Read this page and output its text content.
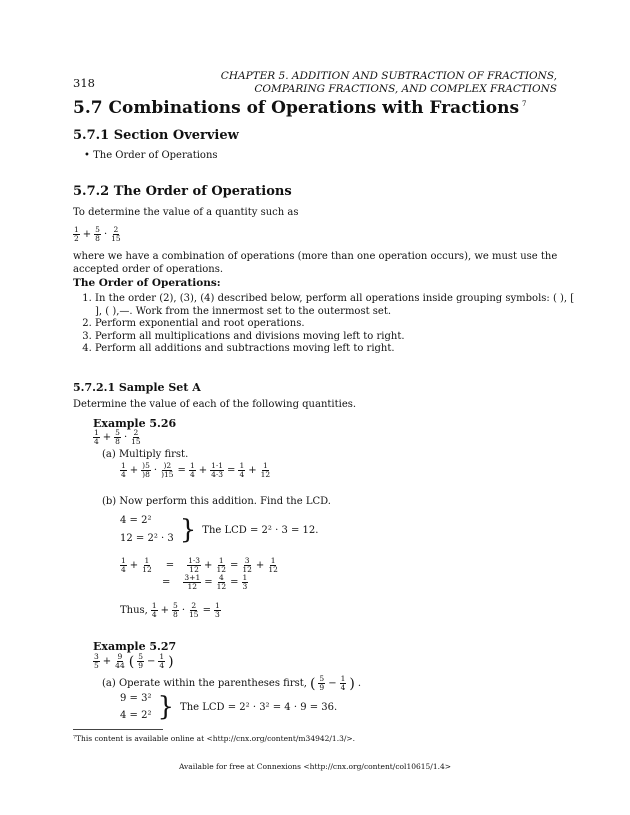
318	CHAPTER 5. ADDITION AND SUBTRACTION OF FRACTIONS,
COMPARING FRACTIONS, AND COMPLEX FRACTIONS
5.7 Combinations of Operations with Fractions $^7$
5.7.1 Section Overview
• The Order of Operations
5.7.2 The Order of Operations
To determine the value of a quantity such as
$\frac{1}{2} + \frac{5}{8} \cdot \frac{2}{15}$
where we have a combination of operations (more than one operation occurs), we must use the accepted order of operations.
The Order of Operations:
1. In the order (2), (3), (4) described below, perform all operations inside grouping symbols: ( ), [ ], ( ),—. Work from the innermost set to the outermost set.
2. Perform exponential and root operations.
3. Perform all multiplications and divisions moving left to right.
4. Perform all additions and subtractions moving left to right.
5.7.2.1 Sample Set A
Determine the value of each of the following quantities.
Example 5.26
$\frac{1}{4} + \frac{5}{8} \cdot \frac{2}{15}$
(a) Multiply first.
$\frac{1}{4} + \frac{)5}{)8} \cdot \frac{)2}{)15} = \frac{1}{4} + \frac{1\cdot 1}{4\cdot 3} = \frac{1}{4} + \frac{1}{12}$
(b) Now perform this addition. Find the LCD.
4 = 2²
12 = 2² · 3 } The LCD = 2² · 3 = 12.
$\frac{1}{4} + \frac{1}{12} = \frac{1\cdot 3}{12} + \frac{1}{12} = \frac{3}{12} + \frac{1}{12}$
= $\frac{3+1}{12} = \frac{4}{12} = \frac{1}{3}$
Thus, $\frac{1}{4} + \frac{5}{8} \cdot \frac{2}{15} = \frac{1}{3}$
Example 5.27
$\frac{3}{5} + \frac{9}{44}$ ( $\frac{5}{9} - \frac{1}{4}$ )
(a) Operate within the parentheses first, ( $\frac{5}{9} - \frac{1}{4}$ ) .
9 = 3²
4 = 2² } The LCD = 2² · 3² = 4 · 9 = 36.
⁷This content is available online at <http://cnx.org/content/m34942/1.3/>.
Available for free at Connexions <http://cnx.org/content/col10615/1.4>
